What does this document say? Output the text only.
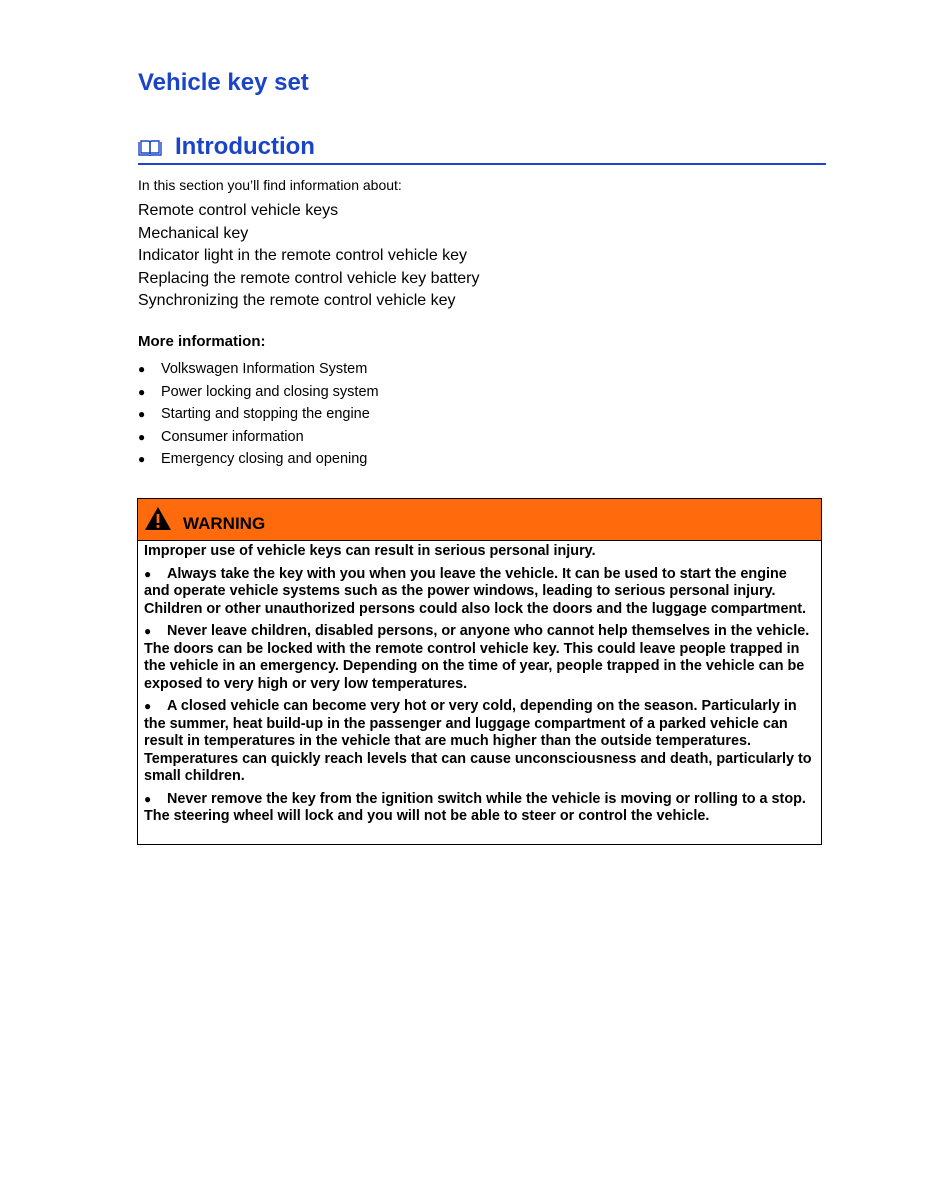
Vehicle key set
Introduction
In this section you’ll find information about:
Remote control vehicle keys
Mechanical key
Indicator light in the remote control vehicle key
Replacing the remote control vehicle key battery
Synchronizing the remote control vehicle key
More information:
● Volkswagen Information System
● Power locking and closing system
● Starting and stopping the engine
● Consumer information
● Emergency closing and opening
WARNING

Improper use of vehicle keys can result in serious personal injury.

● Always take the key with you when you leave the vehicle. It can be used to start the engine and operate vehicle systems such as the power windows, leading to serious personal injury. Children or other unauthorized persons could also lock the doors and the luggage compartment.

● Never leave children, disabled persons, or anyone who cannot help themselves in the vehicle. The doors can be locked with the remote control vehicle key. This could leave people trapped in the vehicle in an emergency. Depending on the time of year, people trapped in the vehicle can be exposed to very high or very low temperatures.

● A closed vehicle can become very hot or very cold, depending on the season. Particularly in the summer, heat build-up in the passenger and luggage compartment of a parked vehicle can result in temperatures in the vehicle that are much higher than the outside temperatures. Temperatures can quickly reach levels that can cause unconsciousness and death, particularly to small children.

● Never remove the key from the ignition switch while the vehicle is moving or rolling to a stop. The steering wheel will lock and you will not be able to steer or control the vehicle.
